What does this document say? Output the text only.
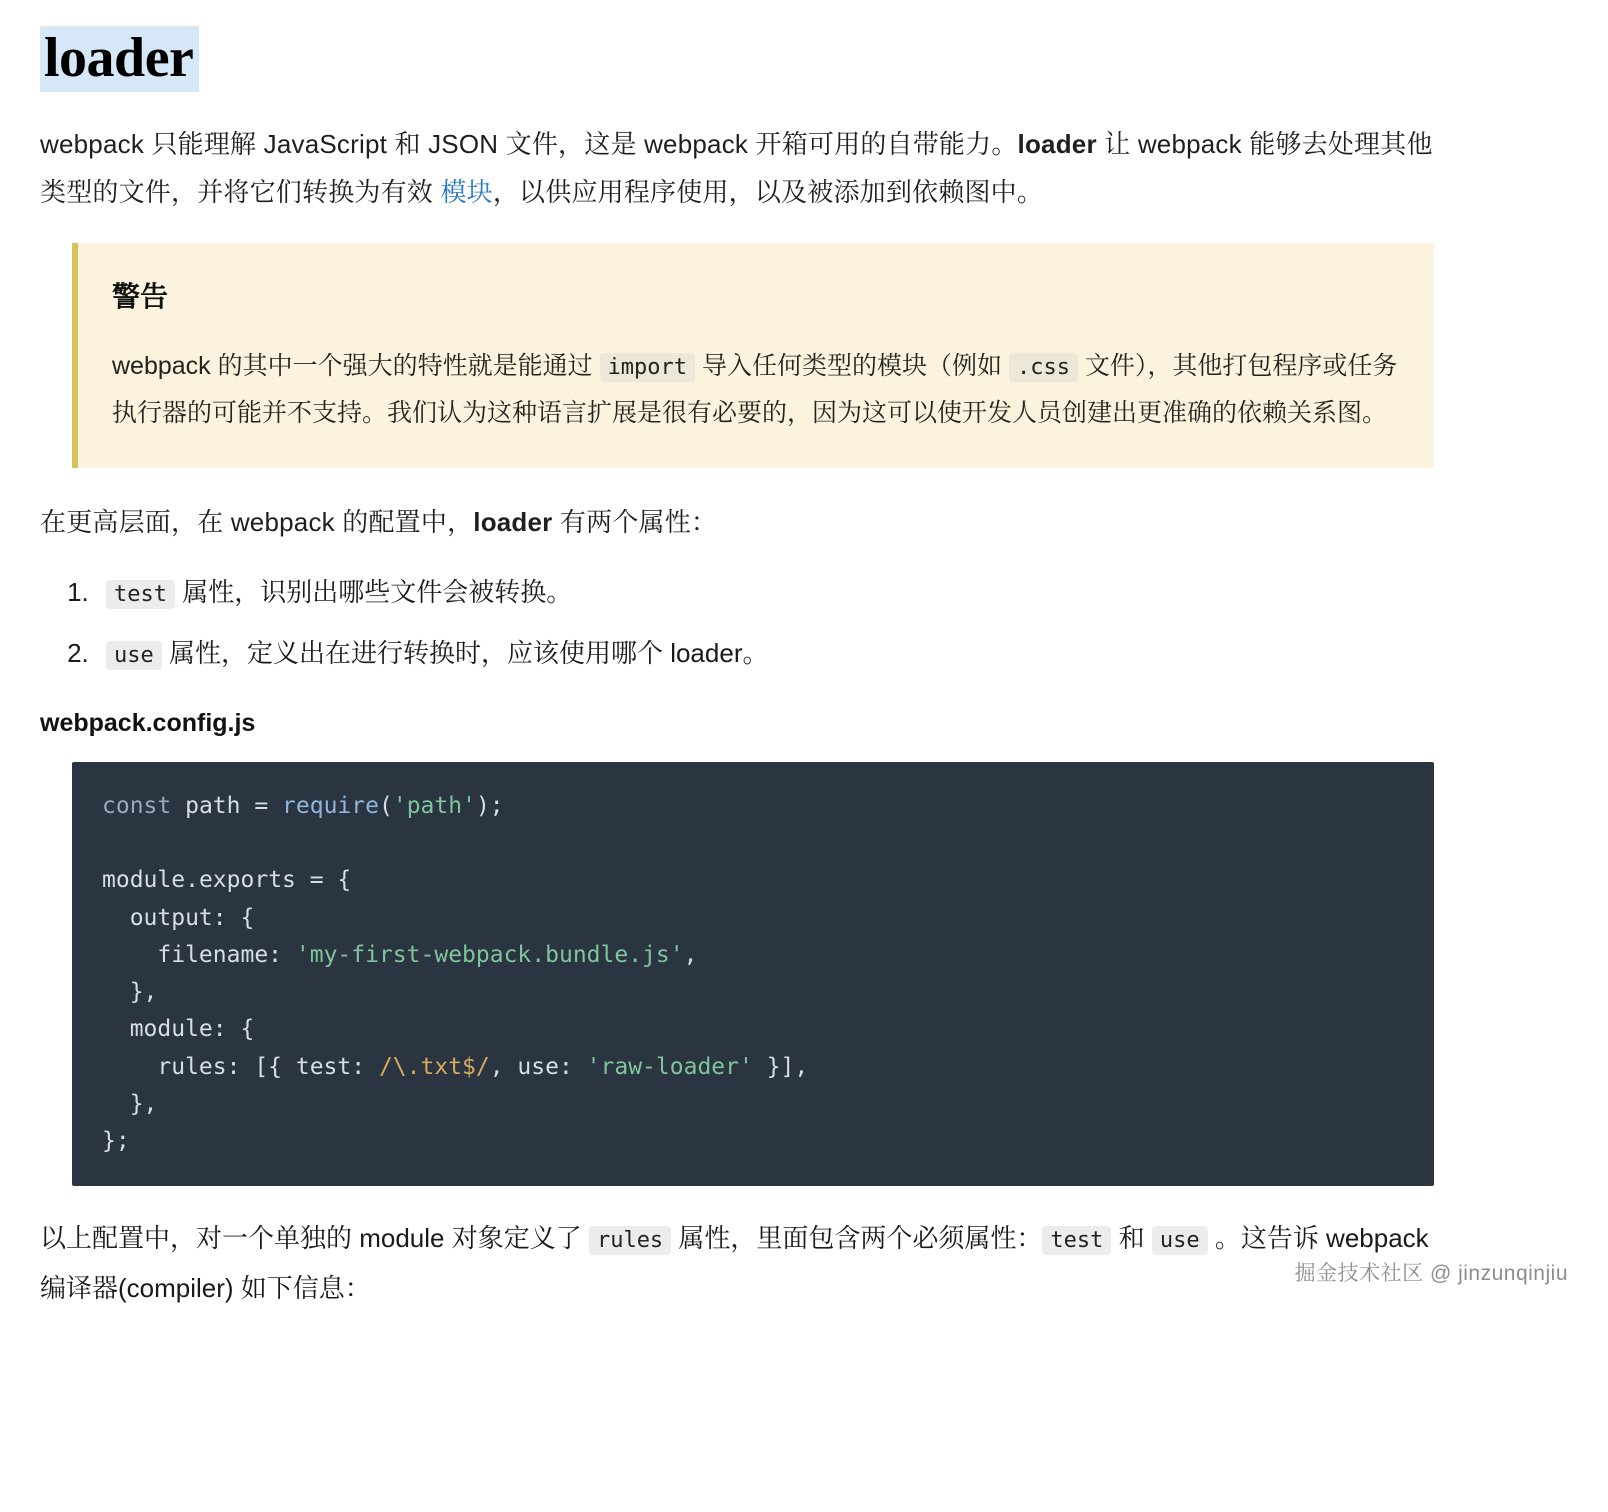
loader

webpack 只能理解 JavaScript 和 JSON 文件，这是 webpack 开箱可用的自带能力。loader 让 webpack 能够去处理其他类型的文件，并将它们转换为有效 模块，以供应用程序使用，以及被添加到依赖图中。

警告

webpack 的其中一个强大的特性就是能通过 import 导入任何类型的模块（例如 .css 文件），其他打包程序或任务执行器的可能并不支持。我们认为这种语言扩展是很有必要的，因为这可以使开发人员创建出更准确的依赖关系图。

在更高层面，在 webpack 的配置中，loader 有两个属性：

1. test 属性，识别出哪些文件会被转换。
2. use 属性，定义出在进行转换时，应该使用哪个 loader。
webpack.config.js
const path = require('path');

module.exports = {
output: {
filename: 'my-first-webpack.bundle.js',
},
module: {
rules: [{ test: /\.txt$/, use: 'raw-loader' }],
},
};

以上配置中，对一个单独的 module 对象定义了 rules 属性，里面包含两个必须属性： test 和 use 。这告诉 webpack 编译器(compiler) 如下信息：	掘金技术社区 @ jinzunqinjiu
